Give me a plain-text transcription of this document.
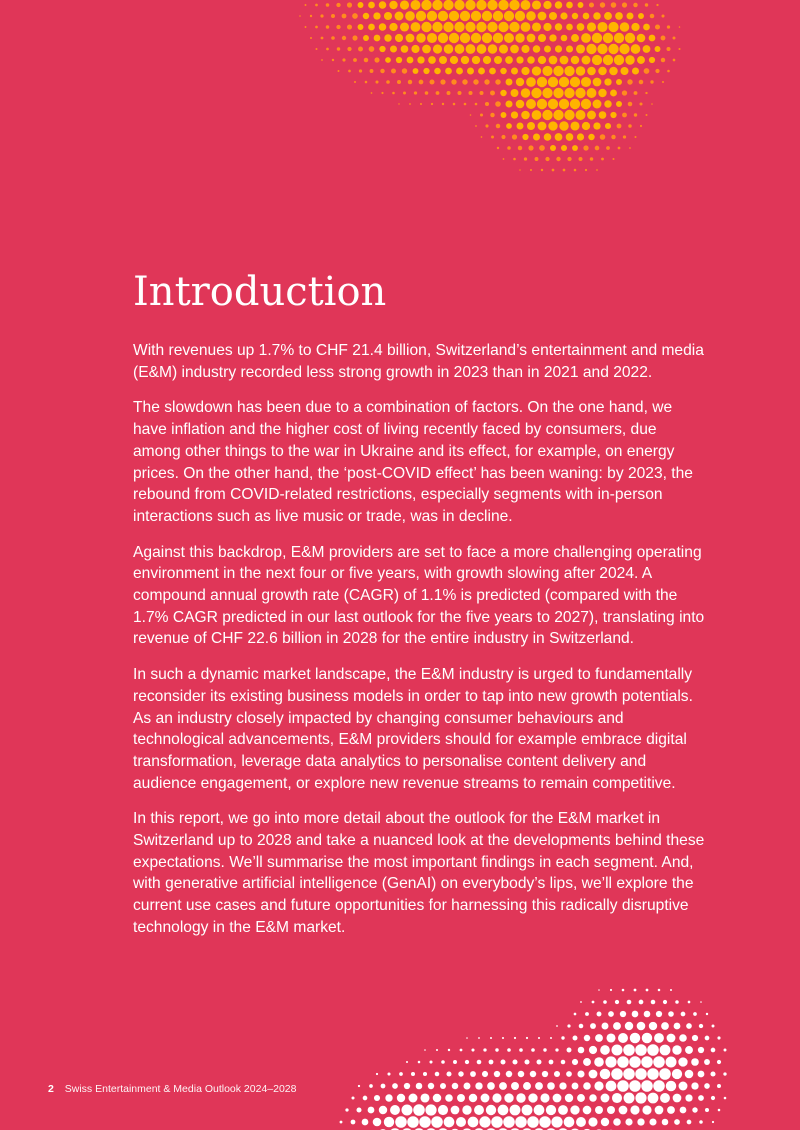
Introduction

With revenues up 1.7% to CHF 21.4 billion, Switzerland’s entertainment and media (E&M) industry recorded less strong growth in 2023 than in 2021 and 2022.

The slowdown has been due to a combination of factors. On the one hand, we have inflation and the higher cost of living recently faced by consumers, due among other things to the war in Ukraine and its effect, for example, on energy prices. On the other hand, the ‘post-COVID effect’ has been waning: by 2023, the rebound from COVID-related restrictions, especially segments with in-person interactions such as live music or trade, was in decline.

Against this backdrop, E&M providers are set to face a more challenging operating environment in the next four or five years, with growth slowing after 2024. A compound annual growth rate (CAGR) of 1.1% is predicted (compared with the 1.7% CAGR predicted in our last outlook for the five years to 2027), translating into revenue of CHF 22.6 billion in 2028 for the entire industry in Switzerland.

In such a dynamic market landscape, the E&M industry is urged to fundamentally reconsider its existing business models in order to tap into new growth potentials. As an industry closely impacted by changing consumer behaviours and technological advancements, E&M providers should for example embrace digital transformation, leverage data analytics to personalise content delivery and audience engagement, or explore new revenue streams to remain competitive.

In this report, we go into more detail about the outlook for the E&M market in Switzerland up to 2028 and take a nuanced look at the developments behind these expectations. We’ll summarise the most important findings in each segment. And, with generative artificial intelligence (GenAI) on everybody’s lips, we’ll explore the current use cases and future opportunities for harnessing this radically disruptive technology in the E&M market.

2 Swiss Entertainment & Media Outlook 2024–2028
